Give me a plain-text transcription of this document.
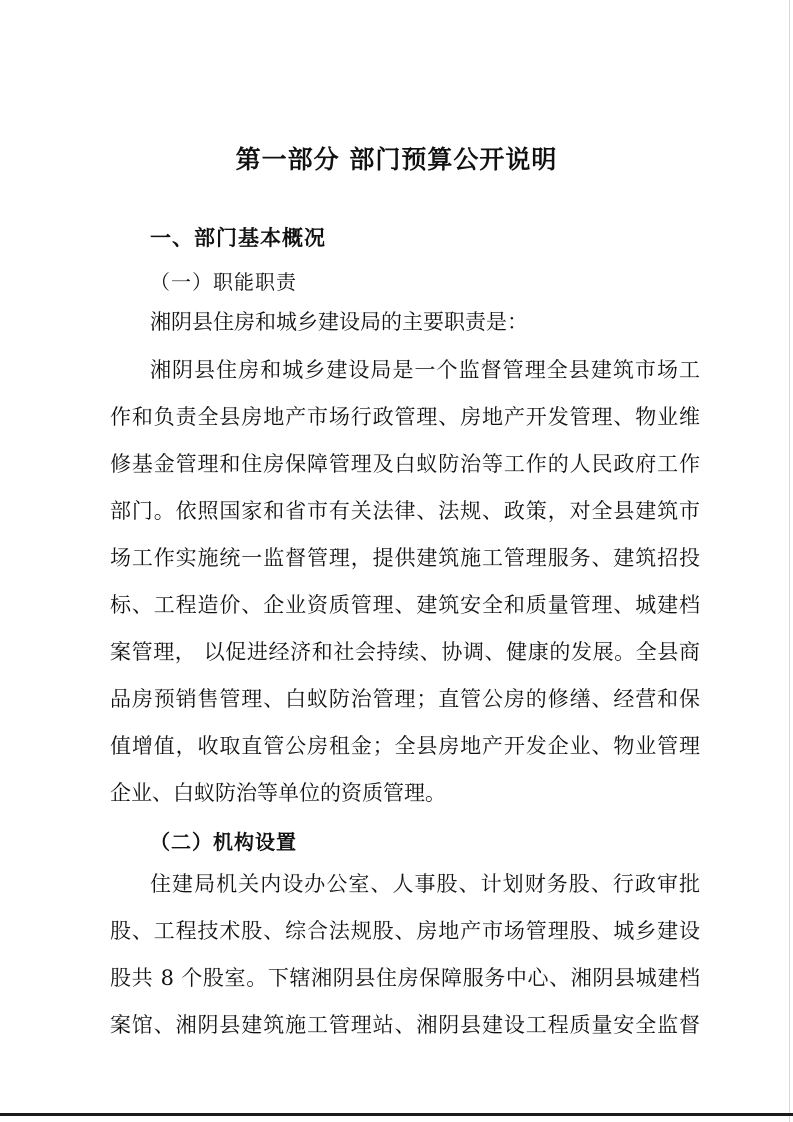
第一部分 部门预算公开说明
一、部门基本概况
（一）职能职责
湘阴县住房和城乡建设局的主要职责是：
湘阴县住房和城乡建设局是一个监督管理全县建筑市场工
作和负责全县房地产市场行政管理、房地产开发管理、物业维
修基金管理和住房保障管理及白蚁防治等工作的人民政府工作
部门。依照国家和省市有关法律、法规、政策，对全县建筑市
场工作实施统一监督管理，提供建筑施工管理服务、建筑招投
标、工程造价、企业资质管理、建筑安全和质量管理、城建档
案管理， 以促进经济和社会持续、协调、健康的发展。全县商
品房预销售管理、白蚁防治管理；直管公房的修缮、经营和保
值增值，收取直管公房租金；全县房地产开发企业、物业管理
企业、白蚁防治等单位的资质管理。
（二）机构设置
住建局机关内设办公室、人事股、计划财务股、行政审批
股、工程技术股、综合法规股、房地产市场管理股、城乡建设
股共 8 个股室。下辖湘阴县住房保障服务中心、湘阴县城建档
案馆、湘阴县建筑施工管理站、湘阴县建设工程质量安全监督
